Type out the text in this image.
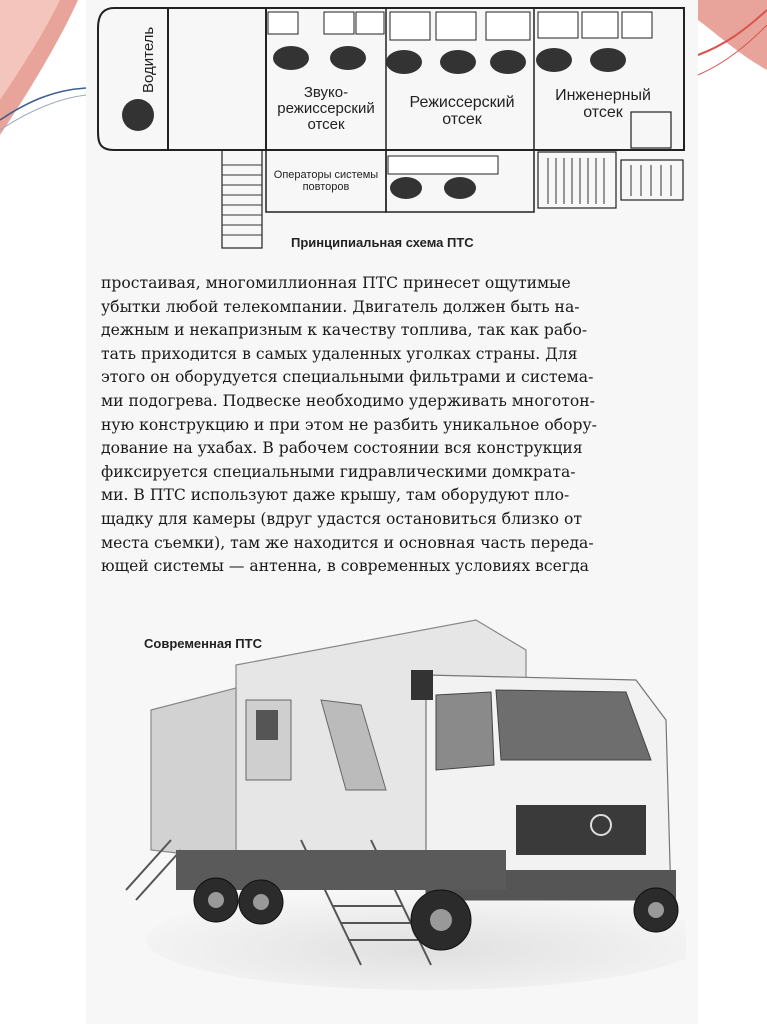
Водитель	Звуко-режиссерский отсек
Режиссерский отсек
Инженерный отсек
Операторы системы повторов
Принципиальная схема ПТС
простаивая, многомиллионная ПТС принесет ощутимые
убытки любой телекомпании. Двигатель должен быть на-
дежным и некапризным к качеству топлива, так как рабо-
тать приходится в самых удаленных уголках страны. Для
этого он оборудуется специальными фильтрами и система-
ми подогрева. Подвеске необходимо удерживать многотон-
ную конструкцию и при этом не разбить уникальное обору-
дование на ухабах. В рабочем состоянии вся конструкция
фиксируется специальными гидравлическими домкрата-
ми. В ПТС используют даже крышу, там оборудуют пло-
щадку для камеры (вдруг удастся остановиться близко от
места съемки), там же находится и основная часть переда-
ющей системы — антенна, в современных условиях всегда
Современная ПТС
